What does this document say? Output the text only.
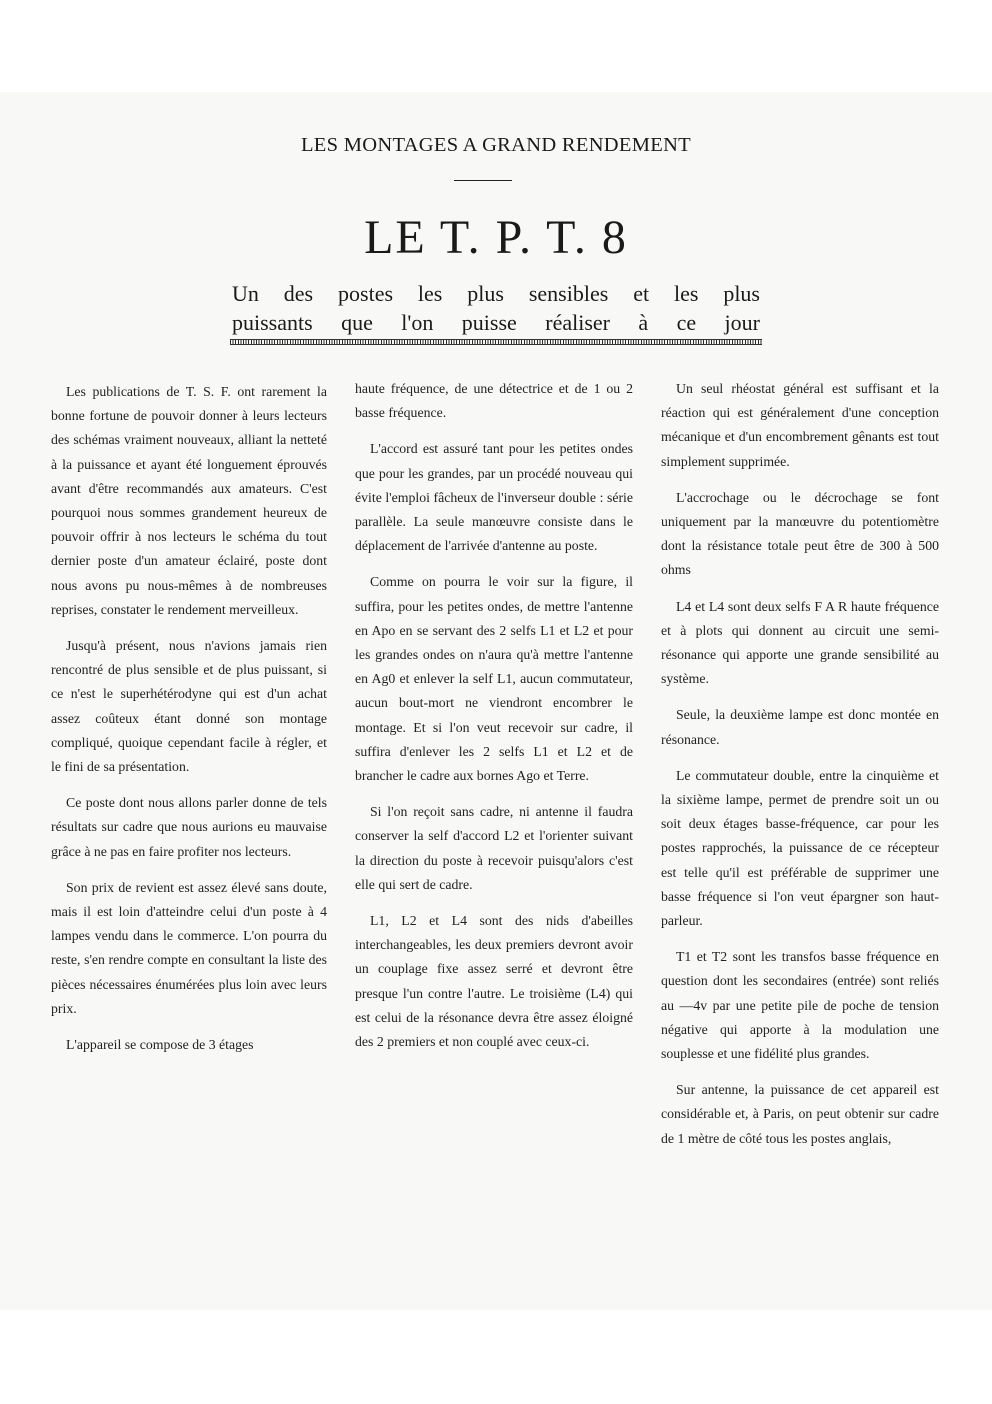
LES MONTAGES A GRAND RENDEMENT
LE T. P. T. 8
Un des postes les plus sensibles et les plus
puissants que l'on puisse réaliser à ce jour

Les publications de T. S. F. ont rarement la bonne fortune de pouvoir donner à leurs lecteurs des schémas vraiment nouveaux, alliant la netteté à la puissance et ayant été longuement éprouvés avant d'être recommandés aux amateurs. C'est pourquoi nous sommes grandement heureux de pouvoir offrir à nos lecteurs le schéma du tout dernier poste d'un amateur éclairé, poste dont nous avons pu nous-mêmes à de nombreuses reprises, constater le rendement merveilleux.

Jusqu'à présent, nous n'avions jamais rien rencontré de plus sensible et de plus puissant, si ce n'est le superhétérodyne qui est d'un achat assez coûteux étant donné son montage compliqué, quoique cependant facile à régler, et le fini de sa présentation.

Ce poste dont nous allons parler donne de tels résultats sur cadre que nous aurions eu mauvaise grâce à ne pas en faire profiter nos lecteurs.

Son prix de revient est assez élevé sans doute, mais il est loin d'atteindre celui d'un poste à 4 lampes vendu dans le commerce. L'on pourra du reste, s'en rendre compte en consultant la liste des pièces nécessaires énumérées plus loin avec leurs prix.

L'appareil se compose de 3 étages

haute fréquence, de une détectrice et de 1 ou 2 basse fréquence.

L'accord est assuré tant pour les petites ondes que pour les grandes, par un procédé nouveau qui évite l'emploi fâcheux de l'inverseur double : série parallèle. La seule manœuvre consiste dans le déplacement de l'arrivée d'antenne au poste.

Comme on pourra le voir sur la figure, il suffira, pour les petites ondes, de mettre l'antenne en Apo en se servant des 2 selfs L1 et L2 et pour les grandes ondes on n'aura qu'à mettre l'antenne en Ag0 et enlever la self L1, aucun commutateur, aucun bout-mort ne viendront encombrer le montage. Et si l'on veut recevoir sur cadre, il suffira d'enlever les 2 selfs L1 et L2 et de brancher le cadre aux bornes Ago et Terre.

Si l'on reçoit sans cadre, ni antenne il faudra conserver la self d'accord L2 et l'orienter suivant la direction du poste à recevoir puisqu'alors c'est elle qui sert de cadre.

L1, L2 et L4 sont des nids d'abeilles interchangeables, les deux premiers devront avoir un couplage fixe assez serré et devront être presque l'un contre l'autre. Le troisième (L4) qui est celui de la résonance devra être assez éloigné des 2 premiers et non couplé avec ceux-ci.

Un seul rhéostat général est suffisant et la réaction qui est généralement d'une conception mécanique et d'un encombrement gênants est tout simplement supprimée.

L'accrochage ou le décrochage se font uniquement par la manœuvre du potentiomètre dont la résistance totale peut être de 300 à 500 ohms

L4 et L4 sont deux selfs F A R haute fréquence et à plots qui donnent au circuit une semi-résonance qui apporte une grande sensibilité au système.

Seule, la deuxième lampe est donc montée en résonance.

Le commutateur double, entre la cinquième et la sixième lampe, permet de prendre soit un ou soit deux étages basse-fréquence, car pour les postes rapprochés, la puissance de ce récepteur est telle qu'il est préférable de supprimer une basse fréquence si l'on veut épargner son haut-parleur.

T1 et T2 sont les transfos basse fréquence en question dont les secondaires (entrée) sont reliés au —4v par une petite pile de poche de tension négative qui apporte à la modulation une souplesse et une fidélité plus grandes.

Sur antenne, la puissance de cet appareil est considérable et, à Paris, on peut obtenir sur cadre de 1 mètre de côté tous les postes anglais,
